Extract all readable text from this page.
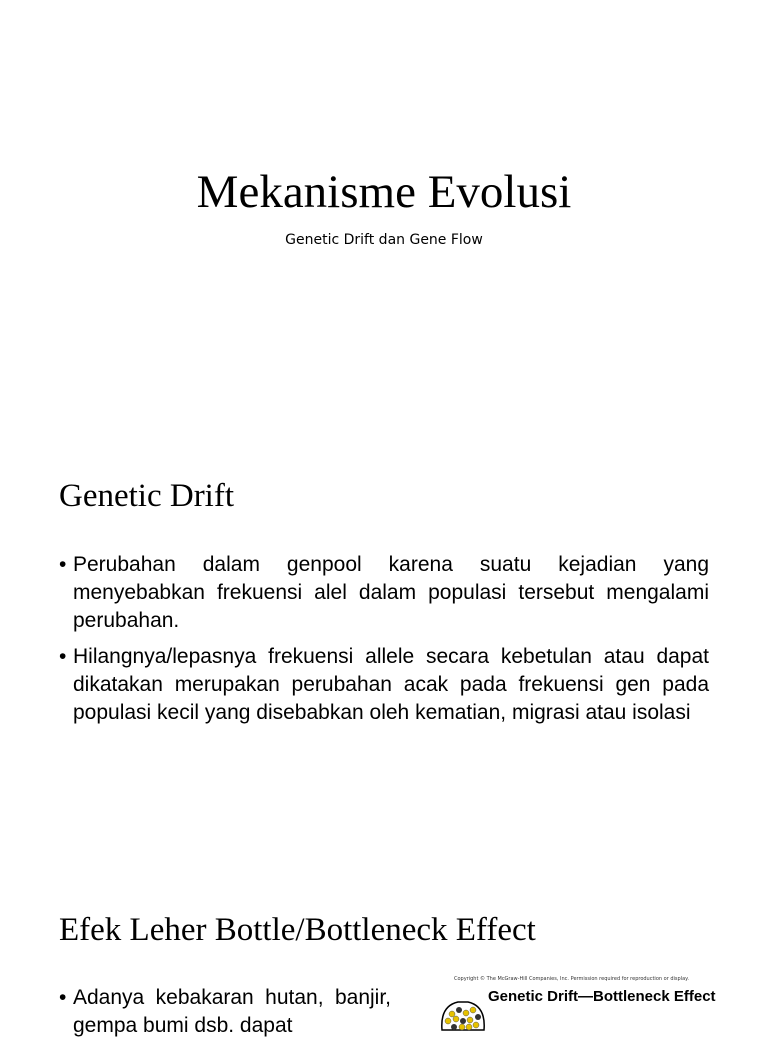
Mekanisme Evolusi
Genetic Drift dan Gene Flow
Genetic Drift
• Perubahan dalam genpool karena suatu kejadian yang menyebabkan frekuensi alel dalam populasi tersebut mengalami perubahan.
• Hilangnya/lepasnya frekuensi allele secara kebetulan atau dapat dikatakan merupakan perubahan acak pada frekuensi gen pada populasi kecil yang disebabkan oleh kematian, migrasi atau isolasi
Efek Leher Bottle/Bottleneck Effect
• Adanya kebakaran hutan, banjir, gempa bumi dsb. dapat
Copyright © The McGraw-Hill Companies, Inc. Permission required for reproduction or display.
Genetic Drift—Bottleneck Effect
